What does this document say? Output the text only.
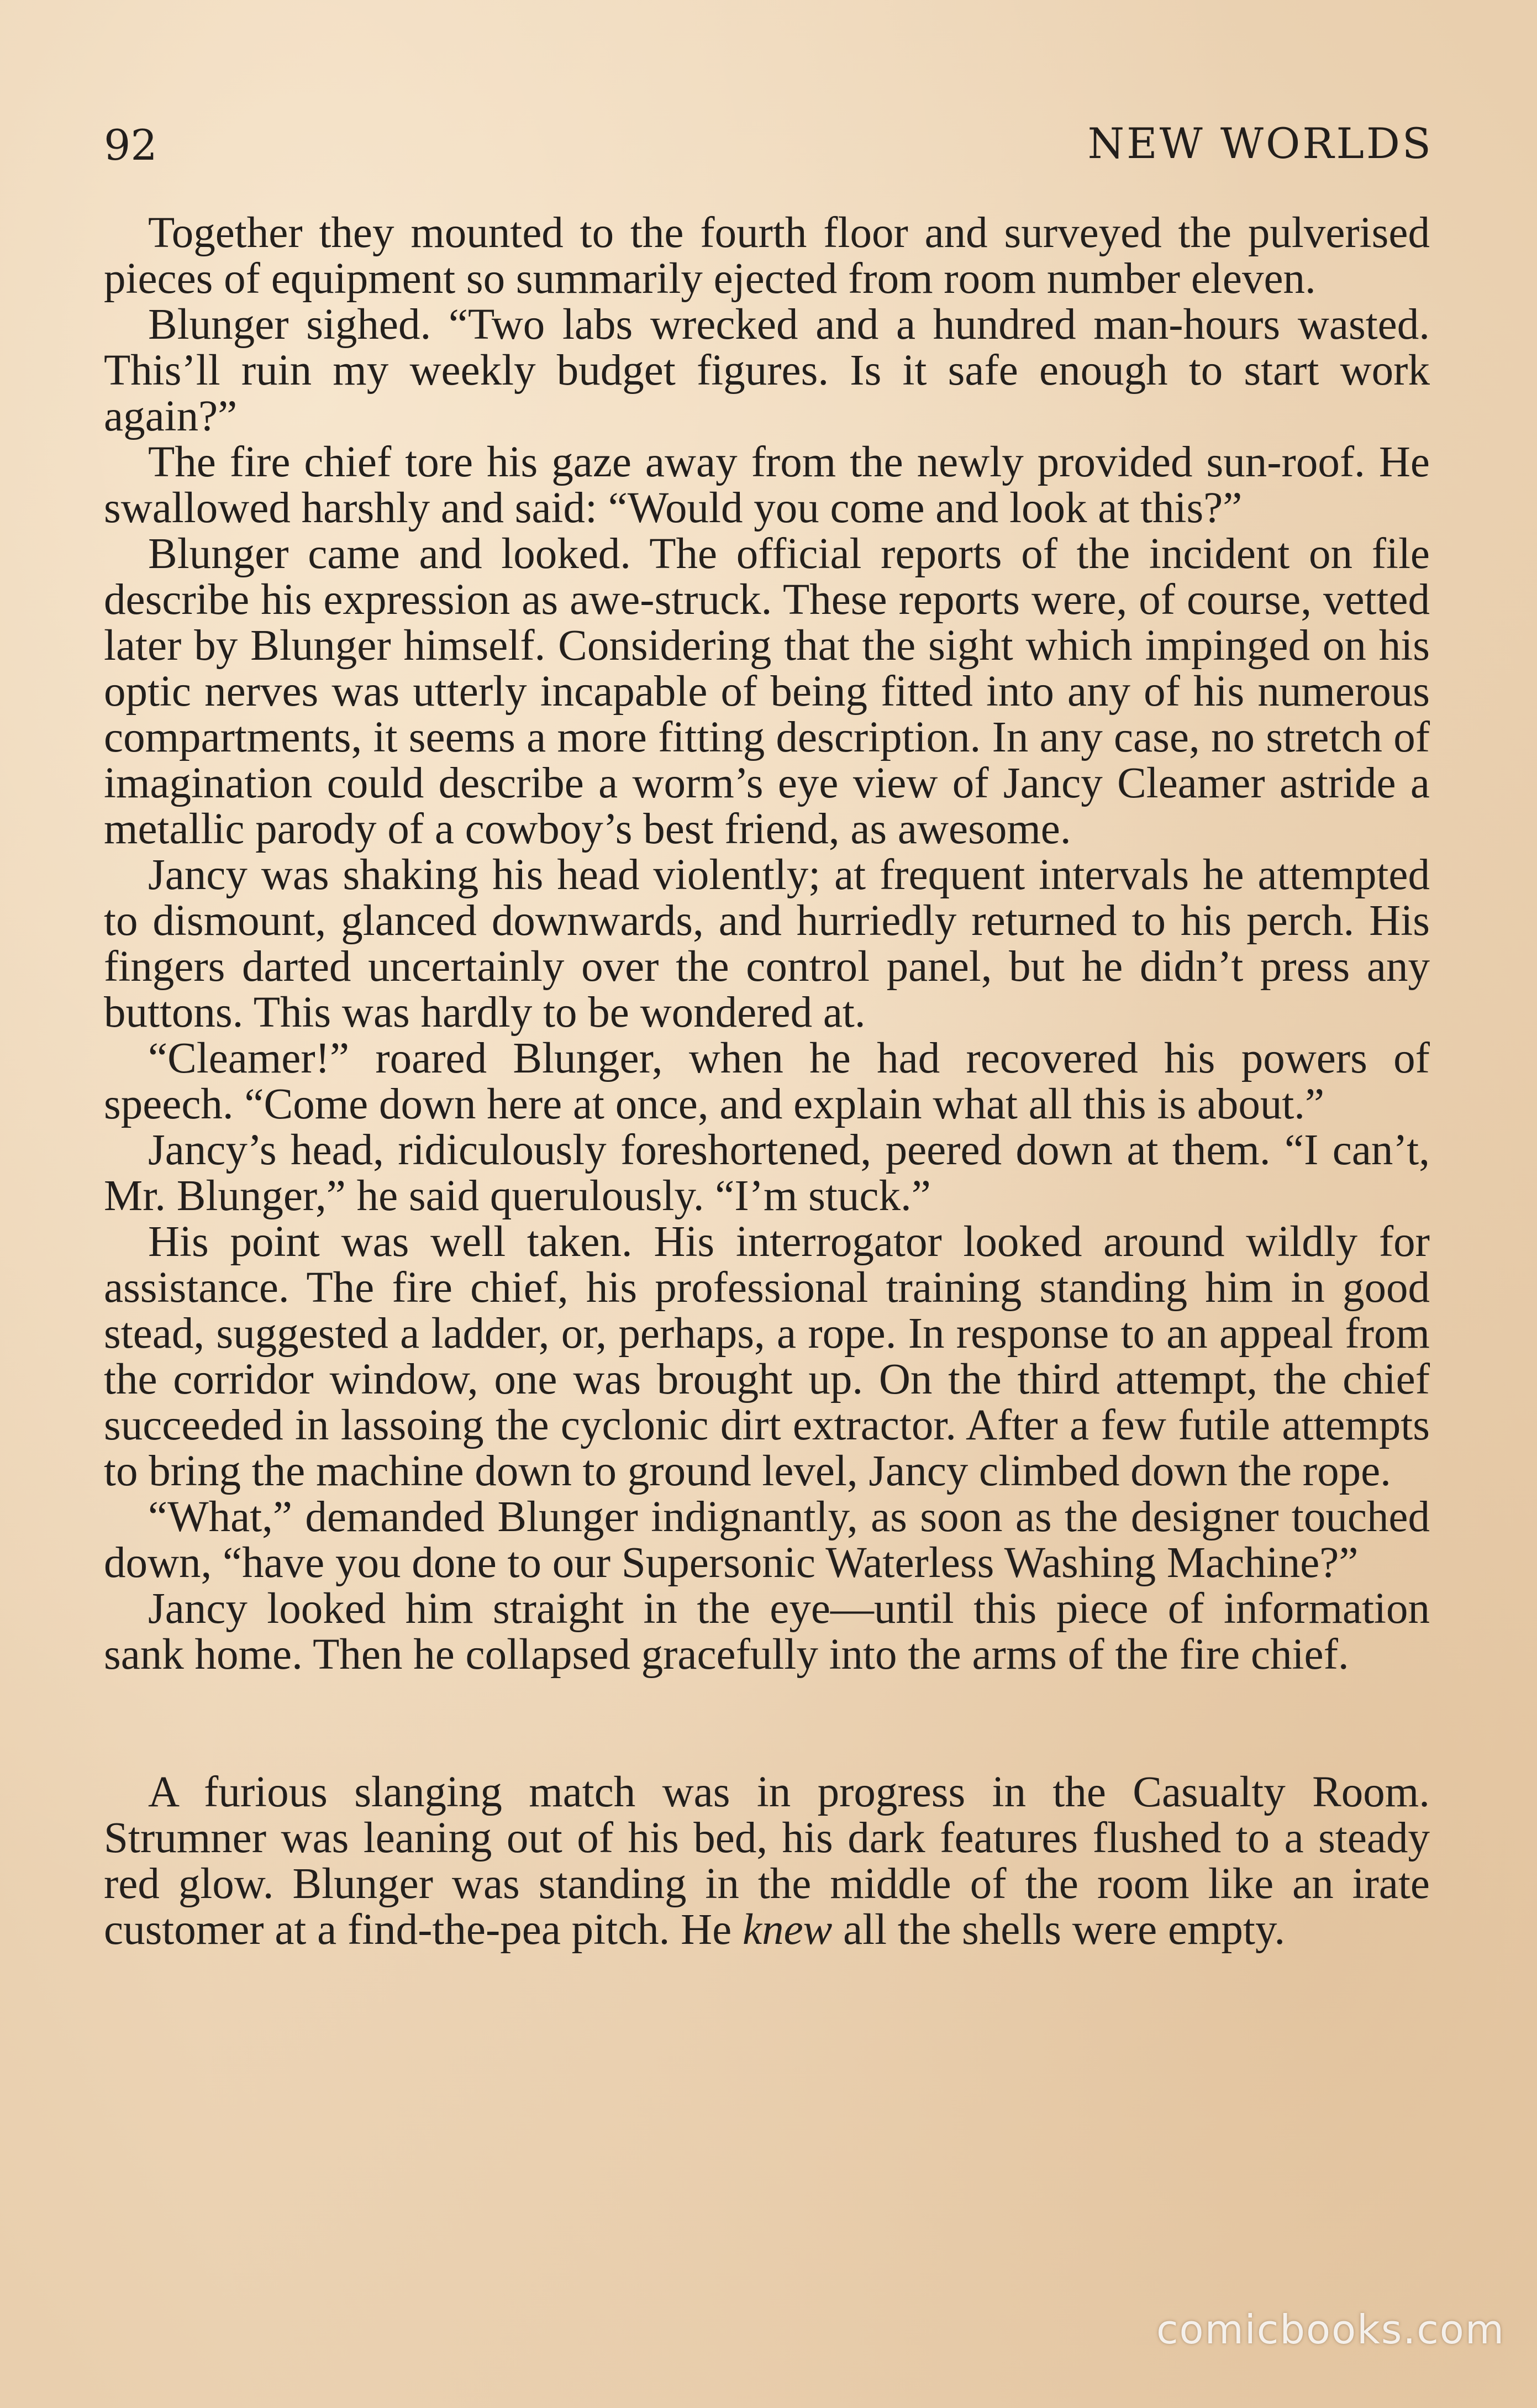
92	NEW WORLDS

Together they mounted to the fourth floor and surveyed the pulverised pieces of equipment so summarily ejected from room number eleven.

Blunger sighed. “Two labs wrecked and a hundred man-hours wasted. This’ll ruin my weekly budget figures. Is it safe enough to start work again?”

The fire chief tore his gaze away from the newly provided sun-roof. He swallowed harshly and said: “Would you come and look at this?”

Blunger came and looked. The official reports of the incident on file describe his expression as awe-struck. These reports were, of course, vetted later by Blunger himself. Considering that the sight which impinged on his optic nerves was utterly incapable of being fitted into any of his numerous compartments, it seems a more fitting description. In any case, no stretch of imagination could describe a worm’s eye view of Jancy Cleamer astride a metallic parody of a cowboy’s best friend, as awesome.

Jancy was shaking his head violently; at frequent intervals he attempted to dismount, glanced downwards, and hurriedly returned to his perch. His fingers darted uncertainly over the control panel, but he didn’t press any buttons. This was hardly to be wondered at.

“Cleamer!” roared Blunger, when he had recovered his powers of speech. “Come down here at once, and explain what all this is about.”

Jancy’s head, ridiculously foreshortened, peered down at them. “I can’t, Mr. Blunger,” he said querulously. “I’m stuck.”

His point was well taken. His interrogator looked around wildly for assistance. The fire chief, his professional training standing him in good stead, suggested a ladder, or, perhaps, a rope. In response to an appeal from the corridor window, one was brought up. On the third attempt, the chief succeeded in lassoing the cyclonic dirt extractor. After a few futile attempts to bring the machine down to ground level, Jancy climbed down the rope.

“What,” demanded Blunger indignantly, as soon as the designer touched down, “have you done to our Supersonic Waterless Washing Machine?”

Jancy looked him straight in the eye—until this piece of information sank home. Then he collapsed gracefully into the arms of the fire chief.

A furious slanging match was in progress in the Casualty Room. Strumner was leaning out of his bed, his dark features flushed to a steady red glow. Blunger was standing in the middle of the room like an irate customer at a find-the-pea pitch. He knew all the shells were empty.

comicbooks.com
